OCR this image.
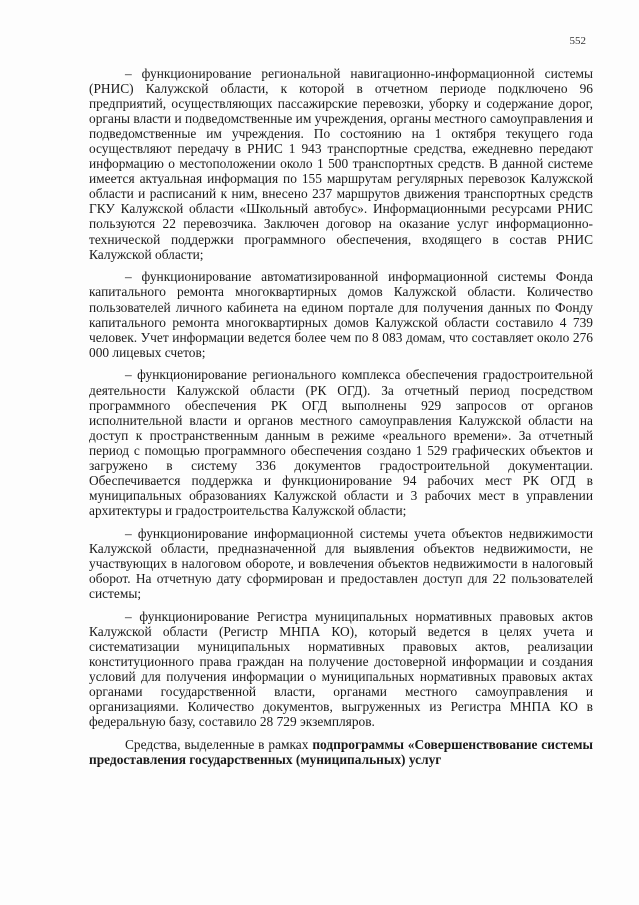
552

– функционирование региональной навигационно-информационной системы (РНИС) Калужской области, к которой в отчетном периоде подключено 96 предприятий, осуществляющих пассажирские перевозки, уборку и содержание дорог, органы власти и подведомственные им учреждения, органы местного самоуправления и подведомственные им учреждения. По состоянию на 1 октября текущего года осуществляют передачу в РНИС 1 943 транспортные средства, ежедневно передают информацию о местоположении около 1 500 транспортных средств. В данной системе имеется актуальная информация по 155 маршрутам регулярных перевозок Калужской области и расписаний к ним, внесено 237 маршрутов движения транспортных средств ГКУ Калужской области «Школьный автобус». Информационными ресурсами РНИС пользуются 22 перевозчика. Заключен договор на оказание услуг информационно-технической поддержки программного обеспечения, входящего в состав РНИС Калужской области;

– функционирование автоматизированной информационной системы Фонда капитального ремонта многоквартирных домов Калужской области. Количество пользователей личного кабинета на едином портале для получения данных по Фонду капитального ремонта многоквартирных домов Калужской области составило 4 739 человек. Учет информации ведется более чем по 8 083 домам, что составляет около 276 000 лицевых счетов;

– функционирование регионального комплекса обеспечения градостроительной деятельности Калужской области (РК ОГД). За отчетный период посредством программного обеспечения РК ОГД выполнены 929 запросов от органов исполнительной власти и органов местного самоуправления Калужской области на доступ к пространственным данным в режиме «реального времени». За отчетный период с помощью программного обеспечения создано 1 529 графических объектов и загружено в систему 336 документов градостроительной документации. Обеспечивается поддержка и функционирование 94 рабочих мест РК ОГД в муниципальных образованиях Калужской области и 3 рабочих мест в управлении архитектуры и градостроительства Калужской области;

– функционирование информационной системы учета объектов недвижимости Калужской области, предназначенной для выявления объектов недвижимости, не участвующих в налоговом обороте, и вовлечения объектов недвижимости в налоговый оборот. На отчетную дату сформирован и предоставлен доступ для 22 пользователей системы;

– функционирование Регистра муниципальных нормативных правовых актов Калужской области (Регистр МНПА КО), который ведется в целях учета и систематизации муниципальных нормативных правовых актов, реализации конституционного права граждан на получение достоверной информации и создания условий для получения информации о муниципальных нормативных правовых актах органами государственной власти, органами местного самоуправления и организациями. Количество документов, выгруженных из Регистра МНПА КО в федеральную базу, составило 28 729 экземпляров.

Средства, выделенные в рамках подпрограммы «Совершенствование системы предоставления государственных (муниципальных) услуг
